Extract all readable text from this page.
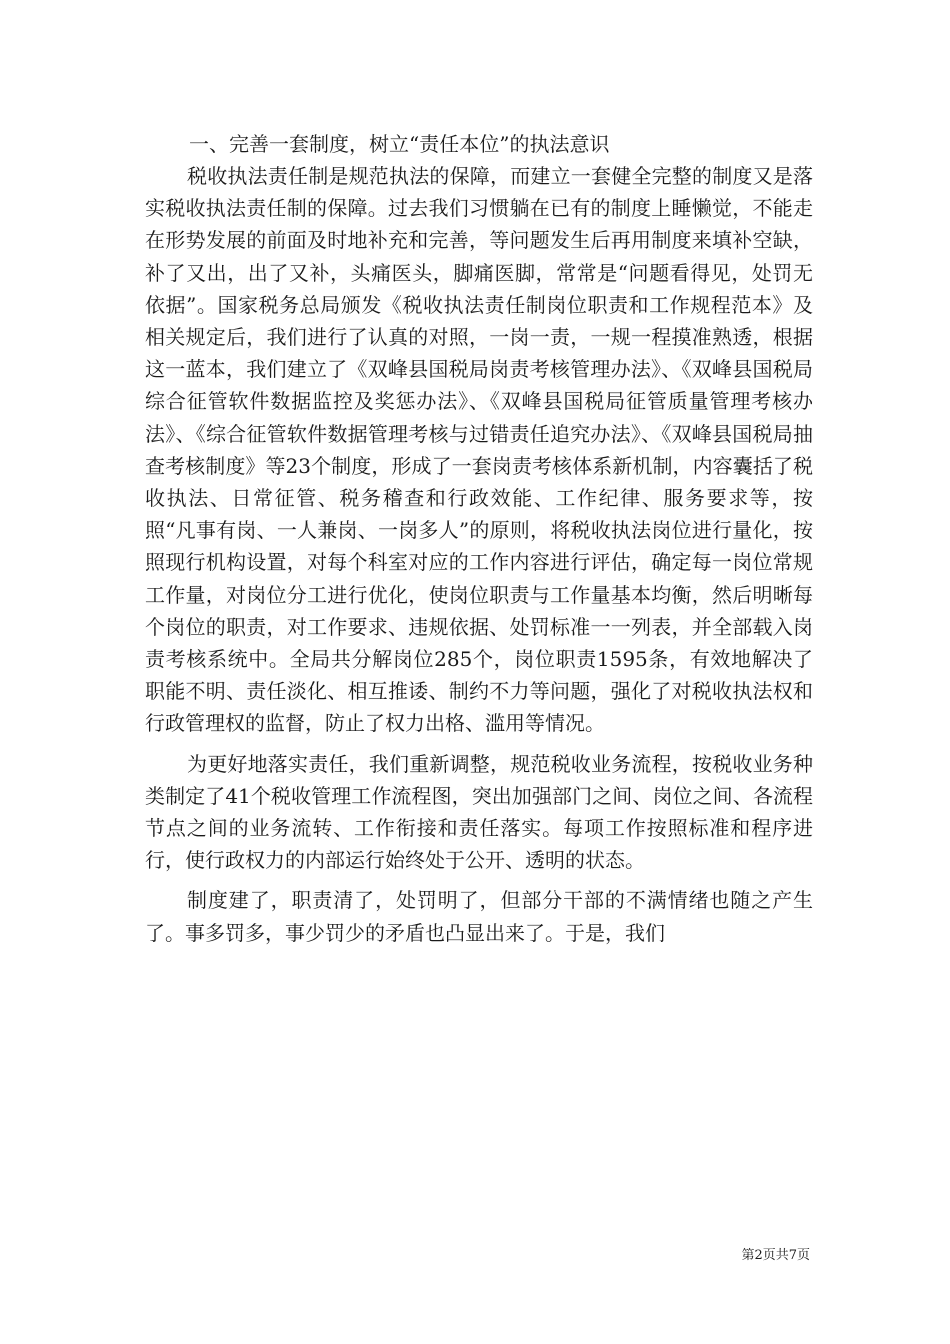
一、完善一套制度，树立“责任本位”的执法意识

税收执法责任制是规范执法的保障，而建立一套健全完整的制度又是落实税收执法责任制的保障。过去我们习惯躺在已有的制度上睡懒觉，不能走在形势发展的前面及时地补充和完善，等问题发生后再用制度来填补空缺，补了又出，出了又补，头痛医头，脚痛医脚，常常是“问题看得见，处罚无依据”。国家税务总局颁发《税收执法责任制岗位职责和工作规程范本》及相关规定后，我们进行了认真的对照，一岗一责，一规一程摸准熟透，根据这一蓝本，我们建立了《双峰县国税局岗责考核管理办法》、《双峰县国税局综合征管软件数据监控及奖惩办法》、《双峰县国税局征管质量管理考核办法》、《综合征管软件数据管理考核与过错责任追究办法》、《双峰县国税局抽查考核制度》等23个制度，形成了一套岗责考核体系新机制，内容囊括了税收执法、日常征管、税务稽查和行政效能、工作纪律、服务要求等，按照“凡事有岗、一人兼岗、一岗多人”的原则，将税收执法岗位进行量化，按照现行机构设置，对每个科室对应的工作内容进行评估，确定每一岗位常规工作量，对岗位分工进行优化，使岗位职责与工作量基本均衡，然后明晰每个岗位的职责，对工作要求、违规依据、处罚标准一一列表，并全部载入岗责考核系统中。全局共分解岗位285个，岗位职责1595条，有效地解决了职能不明、责任淡化、相互推诿、制约不力等问题，强化了对税收执法权和行政管理权的监督，防止了权力出格、滥用等情况。

为更好地落实责任，我们重新调整，规范税收业务流程，按税收业务种类制定了41个税收管理工作流程图，突出加强部门之间、岗位之间、各流程节点之间的业务流转、工作衔接和责任落实。每项工作按照标准和程序进行，使行政权力的内部运行始终处于公开、透明的状态。

制度建了，职责清了，处罚明了，但部分干部的不满情绪也随之产生了。事多罚多，事少罚少的矛盾也凸显出来了。于是，我们

第2页共7页
